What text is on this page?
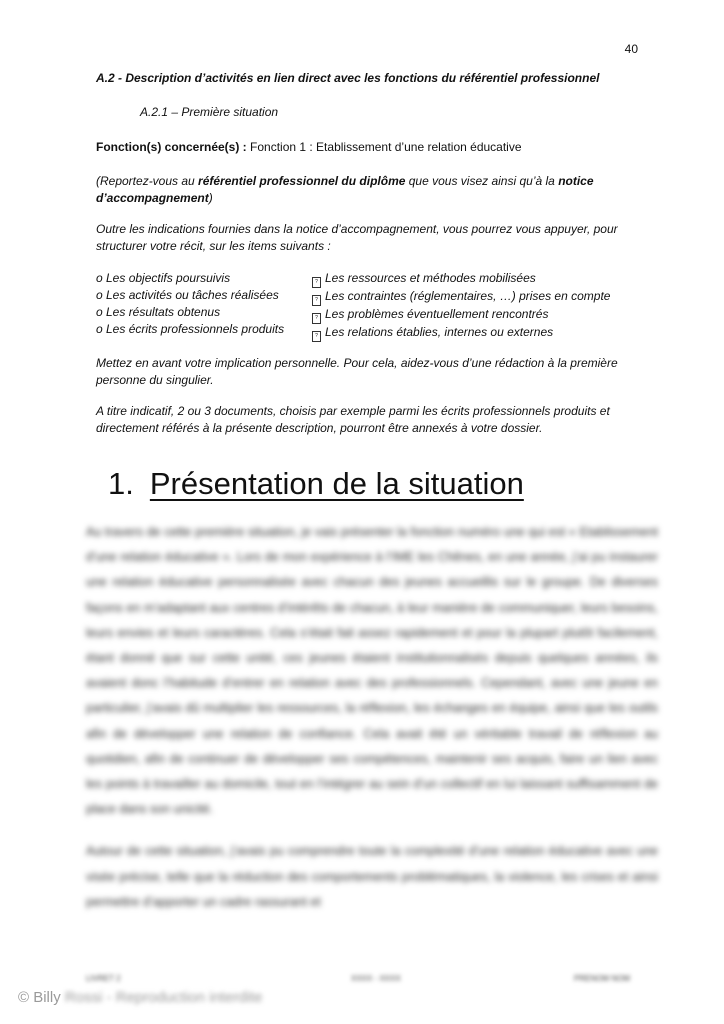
40
A.2 - Description d’activités en lien direct avec les fonctions du référentiel professionnel
A.2.1 – Première situation
Fonction(s) concernée(s) : Fonction 1 : Etablissement d’une relation éducative
(Reportez-vous au référentiel professionnel du diplôme que vous visez ainsi qu’à la notice d’accompagnement)
Outre les indications fournies dans la notice d’accompagnement, vous pourrez vous appuyer, pour structurer votre récit, sur les items suivants :
o Les objectifs poursuivis
o Les activités ou tâches réalisées
o Les résultats obtenus
o Les écrits professionnels produits
? Les ressources et méthodes mobilisées
? Les contraintes (réglementaires, …) prises en compte
? Les problèmes éventuellement rencontrés
? Les relations établies, internes ou externes
Mettez en avant votre implication personnelle. Pour cela, aidez-vous d’une rédaction à la première personne du singulier.
A titre indicatif, 2 ou 3 documents, choisis par exemple parmi les écrits professionnels produits et directement référés à la présente description, pourront être annexés à votre dossier.
1. Présentation de la situation

Au travers de cette première situation, je vais présenter la fonction numéro une qui est « Etablissement d’une relation éducative ». Lors de mon expérience à l’IME les Chênes, en une année, j’ai pu instaurer une relation éducative personnalisée avec chacun des jeunes accueillis sur le groupe. De diverses façons en m’adaptant aux centres d’intérêts de chacun, à leur manière de communiquer, leurs besoins, leurs envies et leurs caractères. Cela s’était fait assez rapidement et pour la plupart plutôt facilement, étant donné que sur cette unité, ces jeunes étaient institutionnalisés depuis quelques années, ils avaient donc l’habitude d’entrer en relation avec des professionnels. Cependant, avec une jeune en particulier, j’avais dû multiplier les ressources, la réflexion, les échanges en équipe, ainsi que les outils afin de développer une relation de confiance. Cela avait été un véritable travail de réflexion au quotidien, afin de continuer de développer ses compétences, maintenir ses acquis, faire un lien avec les points à travailler au domicile, tout en l’intégrer au sein d’un collectif en lui laissant suffisamment de place dans son unicité.

Autour de cette situation, j’avais pu comprendre toute la complexité d’une relation éducative avec une visée précise, telle que la réduction des comportements problématiques, la violence, les crises et ainsi permettre d’apporter un cadre rassurant et

LIVRET 2	XXXX - XXXX	PRENOM NOM
© Billy Rossi - Reproduction interdite
